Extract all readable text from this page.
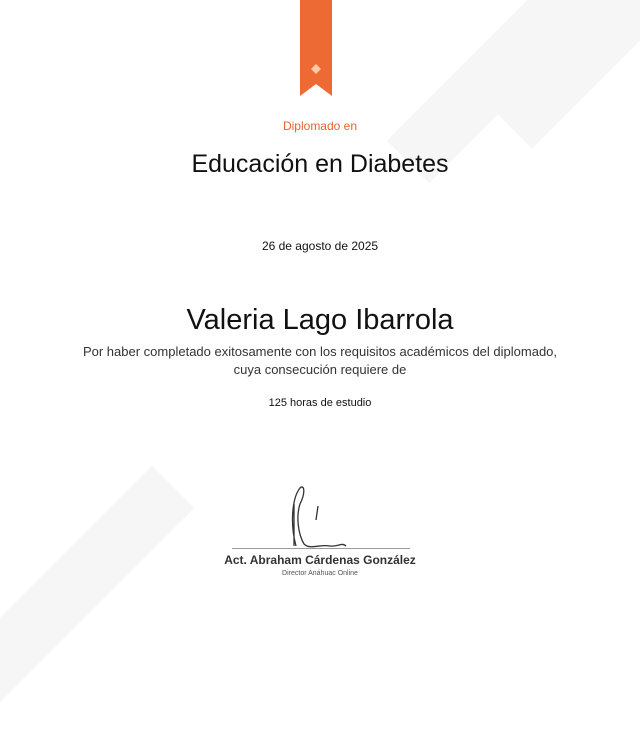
Diplomado en
Educación en Diabetes
26 de agosto de 2025
Valeria Lago Ibarrola
Por haber completado exitosamente con los requisitos académicos del diplomado,
cuya consecución requiere de
125 horas de estudio
Act. Abraham Cárdenas González
Director Anáhuac Online
